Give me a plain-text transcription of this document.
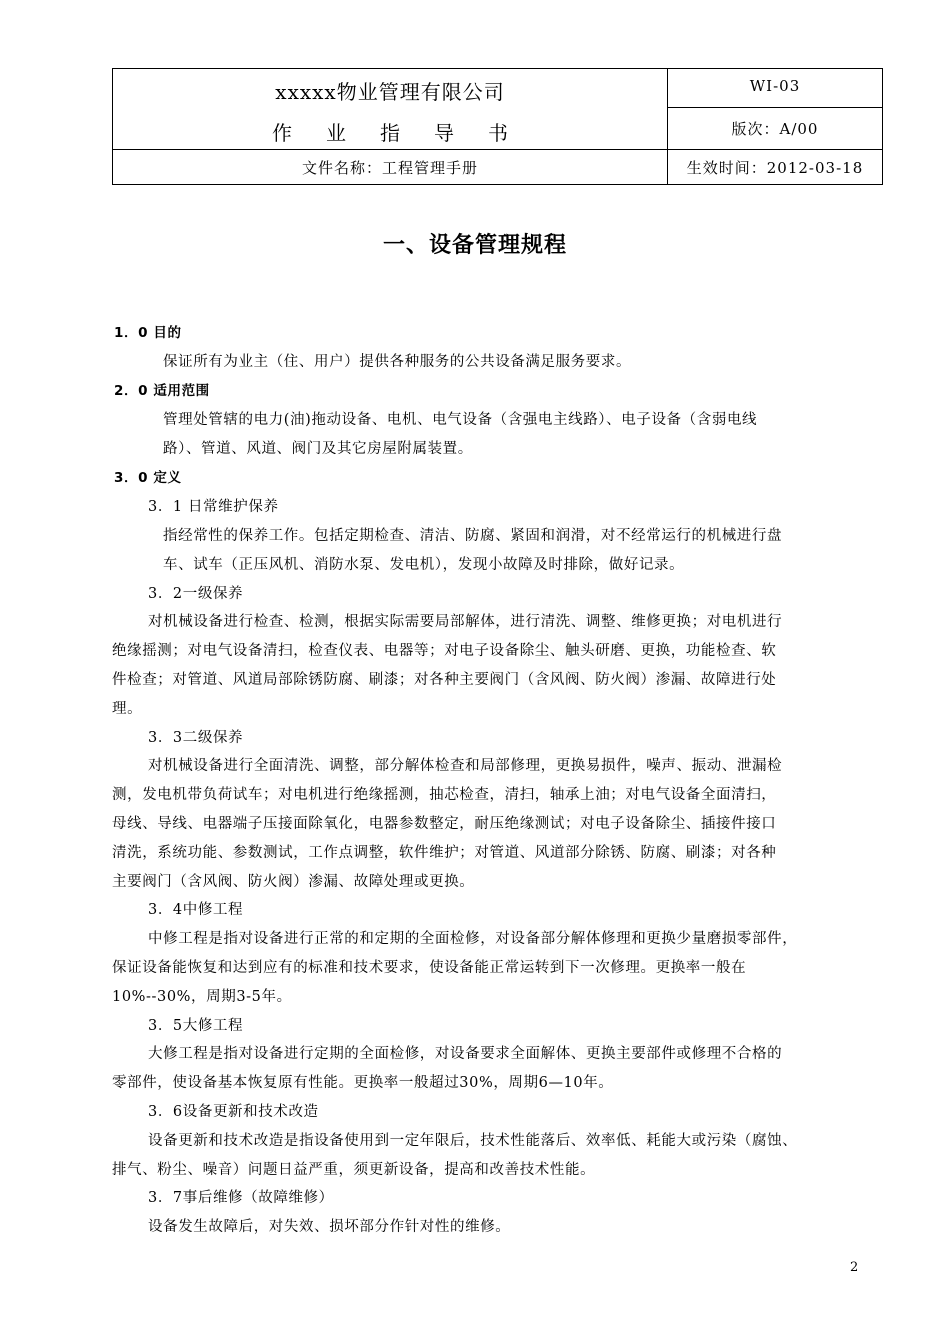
xxxxx物业管理有限公司
作业指导书
文件名称：工程管理手册
WI-03
版次：A/00
生效时间：2012-03-18
一、设备管理规程
1．0 目的
保证所有为业主（住、用户）提供各种服务的公共设备满足服务要求。
2．0 适用范围
管理处管辖的电力(油)拖动设备、电机、电气设备（含强电主线路）、电子设备（含弱电线
路）、管道、风道、阀门及其它房屋附属装置。
3．0 定义
3．1 日常维护保养
指经常性的保养工作。包括定期检查、清洁、防腐、紧固和润滑，对不经常运行的机械进行盘
车、试车（正压风机、消防水泵、发电机），发现小故障及时排除，做好记录。
3．2一级保养
对机械设备进行检查、检测，根据实际需要局部解体，进行清洗、调整、维修更换；对电机进行
绝缘摇测；对电气设备清扫，检查仪表、电器等；对电子设备除尘、触头研磨、更换，功能检查、软
件检查；对管道、风道局部除锈防腐、刷漆；对各种主要阀门（含风阀、防火阀）渗漏、故障进行处
理。
3．3二级保养
对机械设备进行全面清洗、调整，部分解体检查和局部修理，更换易损件，噪声、振动、泄漏检
测，发电机带负荷试车；对电机进行绝缘摇测，抽芯检查，清扫，轴承上油；对电气设备全面清扫，
母线、导线、电器端子压接面除氧化，电器参数整定，耐压绝缘测试；对电子设备除尘、插接件接口
清洗，系统功能、参数测试，工作点调整，软件维护；对管道、风道部分除锈、防腐、刷漆；对各种
主要阀门（含风阀、防火阀）渗漏、故障处理或更换。
3．4中修工程
中修工程是指对设备进行正常的和定期的全面检修，对设备部分解体修理和更换少量磨损零部件，
保证设备能恢复和达到应有的标准和技术要求，使设备能正常运转到下一次修理。更换率一般在
10%--30%，周期3-5年。
3．5大修工程
大修工程是指对设备进行定期的全面检修，对设备要求全面解体、更换主要部件或修理不合格的
零部件，使设备基本恢复原有性能。更换率一般超过30%，周期6—10年。
3．6设备更新和技术改造
设备更新和技术改造是指设备使用到一定年限后，技术性能落后、效率低、耗能大或污染（腐蚀、
排气、粉尘、噪音）问题日益严重，须更新设备，提高和改善技术性能。
3．7事后维修（故障维修）
设备发生故障后，对失效、损坏部分作针对性的维修。
2
